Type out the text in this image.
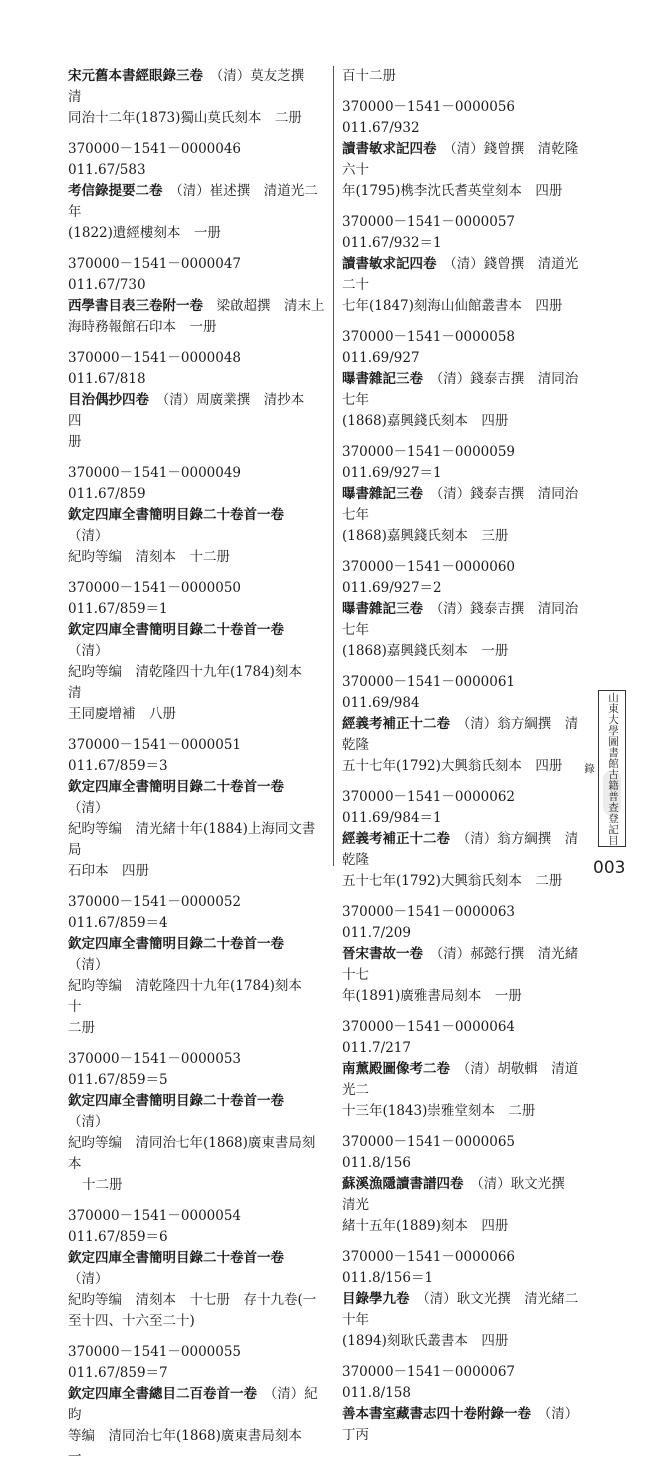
宋元舊本書經眼錄三卷　 （清）莫友芝撰　清

同治十二年(1873)獨山莫氏刻本　二册

370000－1541－0000046　011.67/583

考信錄提要二卷　 （清）崔述撰　清道光二年

(1822)遺經樓刻本　一册

370000－1541－0000047　011.67/730

西學書目表三卷附一卷　 梁啟超撰　清末上

海時務報館石印本　一册

370000－1541－0000048　011.67/818

目治偶抄四卷　 （清）周廣業撰　清抄本　四

册

370000－1541－0000049　011.67/859

欽定四庫全書簡明目錄二十卷首一卷　（清）

紀昀等编　清刻本　十二册

370000－1541－0000050　011.67/859＝1

欽定四庫全書簡明目錄二十卷首一卷　（清）

紀昀等编　清乾隆四十九年(1784)刻本　清

王同慶增補　八册

370000－1541－0000051　011.67/859＝3

欽定四庫全書簡明目錄二十卷首一卷　（清）

紀昀等编　清光緒十年(1884)上海同文書局

石印本　四册

370000－1541－0000052　011.67/859＝4

欽定四庫全書簡明目錄二十卷首一卷　（清）

紀昀等编　清乾隆四十九年(1784)刻本　十

二册

370000－1541－0000053　011.67/859＝5

欽定四庫全書簡明目錄二十卷首一卷　（清）

紀昀等编　清同治七年(1868)廣東書局刻本

十二册

370000－1541－0000054　011.67/859＝6

欽定四庫全書簡明目錄二十卷首一卷　（清）

紀昀等编　清刻本　十七册　存十九卷(一

至十四、十六至二十)

370000－1541－0000055　011.67/859＝7

欽定四庫全書總目二百卷首一卷　 （清）紀昀

等编　清同治七年(1868)廣東書局刻本　一

百十二册

370000－1541－0000056　011.67/932

讀書敏求記四卷　 （清）錢曾撰　清乾隆六十

年(1795)槜李沈氏耆英堂刻本　四册

370000－1541－0000057　011.67/932＝1

讀書敏求記四卷　 （清）錢曾撰　清道光二十

七年(1847)刻海山仙館叢書本　四册

370000－1541－0000058　011.69/927

曝書雜記三卷　 （清）錢泰吉撰　清同治七年

(1868)嘉興錢氏刻本　四册

370000－1541－0000059　011.69/927＝1

曝書雜記三卷　 （清）錢泰吉撰　清同治七年

(1868)嘉興錢氏刻本　三册

370000－1541－0000060　011.69/927＝2

曝書雜記三卷　 （清）錢泰吉撰　清同治七年

(1868)嘉興錢氏刻本　一册

370000－1541－0000061　011.69/984

經義考補正十二卷　 （清）翁方綱撰　清乾隆

五十七年(1792)大興翁氏刻本　四册

370000－1541－0000062　011.69/984＝1

經義考補正十二卷　 （清）翁方綱撰　清乾隆

五十七年(1792)大興翁氏刻本　二册

370000－1541－0000063　011.7/209

晉宋書故一卷　 （清）郝懿行撰　清光緒十七

年(1891)廣雅書局刻本　一册

370000－1541－0000064　011.7/217

南薰殿圖像考二卷　 （清）胡敬輯　清道光二

十三年(1843)崇雅堂刻本　二册

370000－1541－0000065　011.8/156

蘇溪漁隱讀書譜四卷　 （清）耿文光撰　清光

緒十五年(1889)刻本　四册

370000－1541－0000066　011.8/156＝1

目錄學九卷　 （清）耿文光撰　清光緒二十年

(1894)刻耿氏叢書本　四册

370000－1541－0000067　011.8/158

善本書室藏書志四十卷附錄一卷　 （清）丁丙

山東大學圖書館古籍普查登記目錄
003
